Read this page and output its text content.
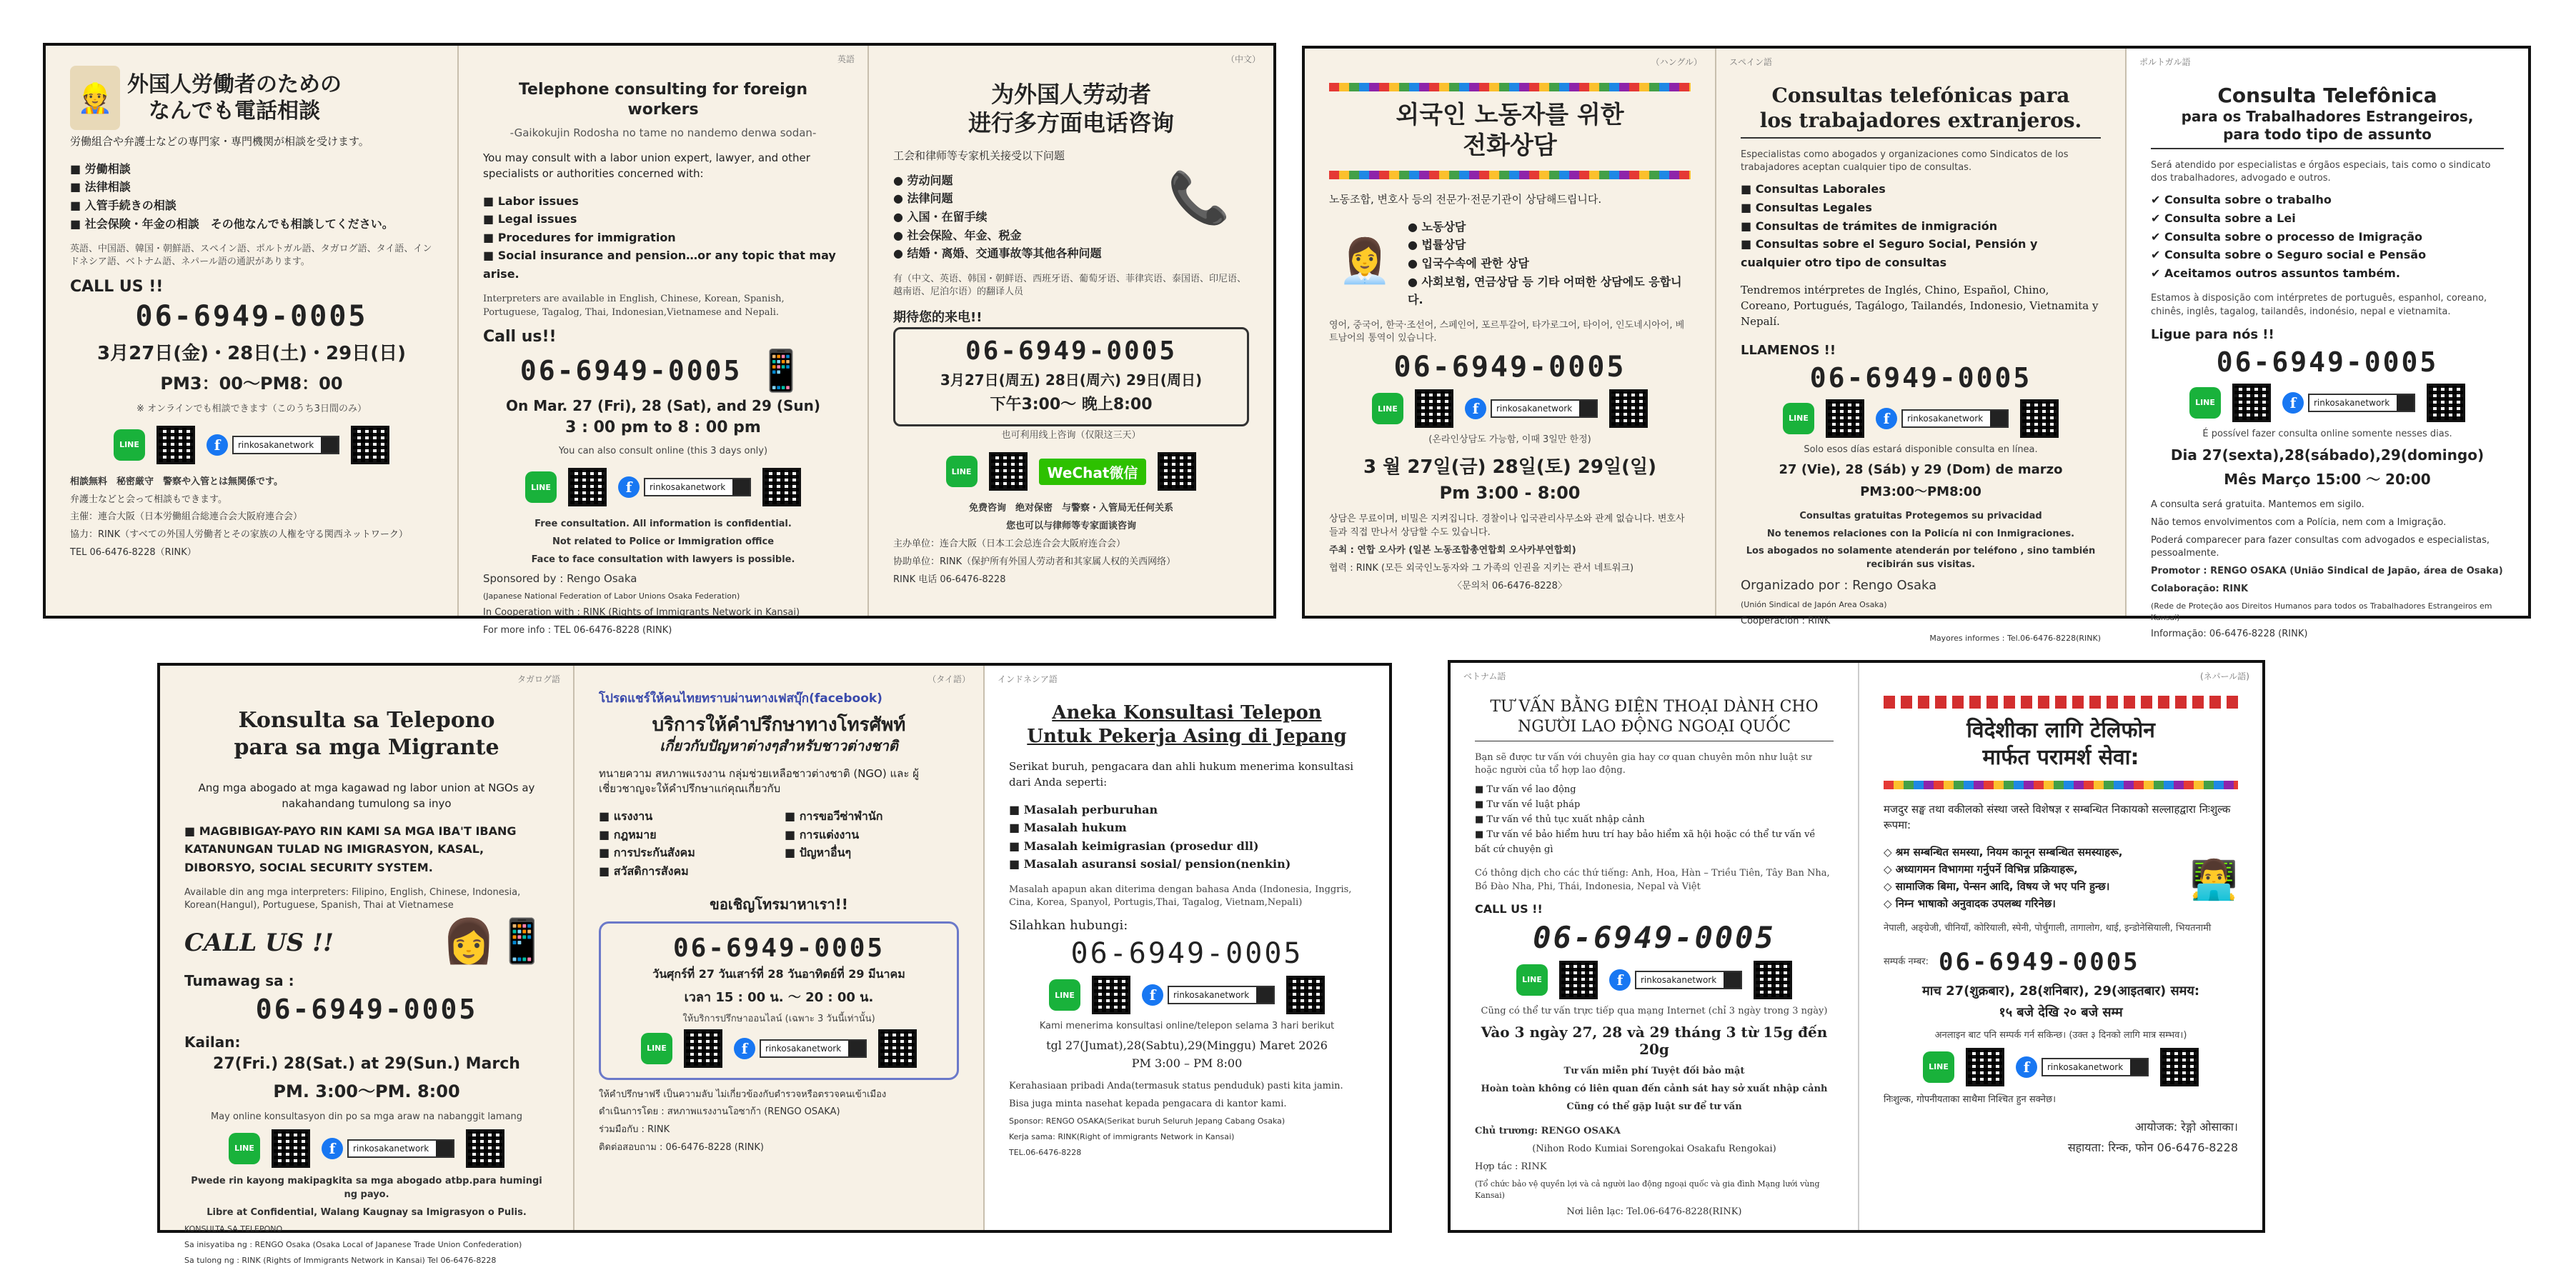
👷 外国人労働者のための
なんでも電話相談
労働組合や弁護士などの専門家・専門機関が相談を受けます。
■ 労働相談
■ 法律相談
■ 入管手続きの相談
■ 社会保険・年金の相談　その他なんでも相談してください。
英語、中国語、韓国・朝鮮語、スペイン語、ポルトガル語、タガログ語、タイ語、インドネシア語、ベトナム語、ネパール語の通訳があります。
CALL US !!
06-6949-0005
3月27日(金)・28日(土)・29日(日)
PM3：00〜PM8：00
※ オンラインでも相談できます（このうち3日間のみ）
LINE	f	rinkosakanetwork
相談無料　秘密厳守　警察や入管とは無関係です。
弁護士などと会って相談もできます。
主催：連合大阪（日本労働組合総連合会大阪府連合会）
協力：RINK（すべての外国人労働者とその家族の人権を守る関西ネットワーク）
TEL 06-6476-8228（RINK）
英語
Telephone consulting for foreign workers
-Gaikokujin Rodosha no tame no nandemo denwa sodan-
You may consult with a labor union expert, lawyer, and other specialists or authorities concerned with:
■ Labor issues
■ Legal issues
■ Procedures for immigration
■ Social insurance and pension…or any topic that may arise.
Interpreters are available in English, Chinese, Korean, Spanish, Portuguese, Tagalog, Thai, Indonesian,Vietnamese and Nepali.
Call us!!
06-6949-0005 📱
On Mar. 27 (Fri), 28 (Sat), and 29 (Sun)
3 : 00 pm to 8 : 00 pm
You can also consult online (this 3 days only)
LINE	f	rinkosakanetwork
Free consultation. All information is confidential.
Not related to Police or Immigration office
Face to face consultation with lawyers is possible.
Sponsored by : Rengo Osaka
(Japanese National Federation of Labor Unions Osaka Federation)
In Cooperation with : RINK (Rights of Immigrants Network in Kansai)
For more info : TEL 06-6476-8228 (RINK)
（中文）
为外国人劳动者
进行多方面电话咨询
工会和律师等专家机关接受以下问题
● 劳动问题
● 法律问题
● 入国・在留手续
● 社会保险、年金、税金
● 结婚・离婚、交通事故等其他各种问题
📞
有（中文、英语、韩国・朝鲜语、西班牙语、葡萄牙语、菲律宾语、泰国语、印尼语、越南语、尼泊尔语）的翻译人员
期待您的来电!!
06-6949-0005
3月27日(周五) 28日(周六) 29日(周日)
下午3:00〜 晚上8:00
也可利用线上咨询（仅限这三天）
LINE	WeChat微信
免费咨询　绝对保密　与警察・入管局无任何关系
您也可以与律师等专家面谈咨询
主办单位：连合大阪（日本工会总连合会大阪府连合会）
协助单位：RINK（保护所有外国人劳动者和其家属人权的关西网络）
RINK 电话 06-6476-8228
（ハングル）
외국인 노동자를 위한
전화상담
노동조합, 변호사 등의 전문가·전문기관이 상담해드립니다.
👩‍💼
● 노동상담
● 법률상담
● 입국수속에 관한 상담
● 사회보험, 연금상담 등 기타 어떠한 상담에도 응합니다.
영어, 중국어, 한국·조선어, 스페인어, 포르투갈어, 타가로그어, 타이어, 인도네시아어, 베트남어의 통역이 있습니다.
06-6949-0005
LINE	f	rinkosakanetwork
(온라인상담도 가능함, 이때 3일만 한정)
3 월 27일(금) 28일(토) 29일(일)
Pm 3:00 - 8:00
상담은 무료이며, 비밀은 지켜집니다. 경찰이나 입국관리사무소와 관계 없습니다. 변호사들과 직접 만나서 상담할 수도 있습니다.
주최 : 연합 오사카 (일본 노동조합총연합회 오사카부연합회)
협력 : RINK (모든 외국인노동자와 그 가족의 인권을 지키는 관서 네트워크)
〈문의처 06-6476-8228〉
スペイン語
Consultas telefónicas para
los trabajadores extranjeros.
Especialistas como abogados y organizaciones como Sindicatos de los trabajadores aceptan cualquier tipo de consultas.
■ Consultas Laborales
■ Consultas Legales
■ Consultas de trámites de inmigración
■ Consultas sobre el Seguro Social, Pensión y cualquier otro tipo de consultas
Tendremos intérpretes de Inglés, Chino, Español, Chino, Coreano, Portugués, Tagálogo, Tailandés, Indonesio, Vietnamita y Nepalí.
LLAMENOS !!
06-6949-0005
LINE	f	rinkosakanetwork
Solo esos días estará disponible consulta en línea.
27 (Vie), 28 (Sáb) y 29 (Dom) de marzo
PM3:00〜PM8:00
Consultas gratuitas Protegemos su privacidad
No tenemos relaciones con la Policía ni con Inmigraciones.
Los abogados no solamente atenderán por teléfono , sino también recibirán sus visitas.
Organizado por : Rengo Osaka
(Unión Sindical de Japón Area Osaka)
Cooperación : RINK
Mayores informes : Tel.06-6476-8228(RINK)
ポルトガル語
Consulta Telefônica
para os Trabalhadores Estrangeiros,
para todo tipo de assunto
Será atendido por especialistas e órgãos especiais, tais como o sindicato dos trabalhadores, advogado e outros.
✔ Consulta sobre o trabalho
✔ Consulta sobre a Lei
✔ Consulta sobre o processo de Imigração
✔ Consulta sobre o Seguro social e Pensão
✔ Aceitamos outros assuntos também.
Estamos à disposição com intérpretes de português, espanhol, coreano, chinês, inglês, tagalog, tailandês, indonésio, nepal e vietnamita.
Ligue para nós !!
06-6949-0005
LINE	f	rinkosakanetwork
É possível fazer consulta online somente nesses dias.
Dia 27(sexta),28(sábado),29(domingo)
Mês Março 15:00 〜 20:00
A consulta será gratuita. Mantemos em sigilo.
Não temos envolvimentos com a Polícia, nem com a Imigração.
Poderá comparecer para fazer consultas com advogados e especialistas, pessoalmente.
Promotor : RENGO OSAKA (União Sindical de Japão, área de Osaka)
Colaboração: RINK
(Rede de Proteção aos Direitos Humanos para todos os Trabalhadores Estrangeiros em Kansai)
Informação: 06-6476-8228 (RINK)
タガログ語
Konsulta sa Telepono
para sa mga Migrante
Ang mga abogado at mga kagawad ng labor union at NGOs ay nakahandang tumulong sa inyo
■ MAGBIBIGAY-PAYO RIN KAMI SA MGA IBA'T IBANG KATANUNGAN TULAD NG IMIGRASYON, KASAL, DIBORSYO, SOCIAL SECURITY SYSTEM.
Available din ang mga interpreters: Filipino, English, Chinese, Indonesia, Korean(Hangul), Portuguese, Spanish, Thai at Vietnamese
CALL US !!	👩📱
Tumawag sa :
06-6949-0005
Kailan:
27(Fri.) 28(Sat.) at 29(Sun.) March
PM. 3:00〜PM. 8:00
May online konsultasyon din po sa mga araw na nabanggit lamang
LINE	f	rinkosakanetwork
Pwede rin kayong makipagkita sa mga abogado atbp.para humingi ng payo.
Libre at Confidential, Walang Kaugnay sa Imigrasyon o Pulis.
KONSULTA SA TELEPONO
Sa inisyatiba ng : RENGO Osaka (Osaka Local of Japanese Trade Union Confederation)
Sa tulong ng : RINK (Rights of Immigrants Network in Kansai) Tel 06-6476-8228
（タイ語）
โปรดแชร์ให้คนไทยทราบผ่านทางเฟสบุ๊ก(facebook)
บริการให้คำปรึกษาทางโทรศัพท์
เกี่ยวกับปัญหาต่างๆสำหรับชาวต่างชาติ
ทนายความ สหภาพแรงงาน กลุ่มช่วยเหลือชาวต่างชาติ (NGO) และ ผู้เชี่ยวชาญจะให้คำปรึกษาแก่คุณเกี่ยวกับ
■ แรงงาน
■ กฎหมาย
■ การประกันสังคม
■ สวัสดิการสังคม
■ การขอวีซ่าพำนัก
■ การแต่งงาน
■ ปัญหาอื่นๆ
ขอเชิญโทรมาหาเรา!!
06-6949-0005
วันศุกร์ที่ 27 วันเสาร์ที่ 28 วันอาทิตย์ที่ 29 มีนาคม
เวลา 15 : 00 น. 〜 20 : 00 น.
ให้บริการปรึกษาออนไลน์ (เฉพาะ 3 วันนี้เท่านั้น)
LINE	f	rinkosakanetwork
ให้คำปรึกษาฟรี เป็นความลับ ไม่เกี่ยวข้องกับตำรวจหรือตรวจคนเข้าเมือง
ดำเนินการโดย : สหภาพแรงงานโอซาก้า (RENGO OSAKA)
ร่วมมือกับ : RINK
ติดต่อสอบถาม : 06-6476-8228 (RINK)
インドネシア語
Aneka Konsultasi Telepon
Untuk Pekerja Asing di Jepang
Serikat buruh, pengacara dan ahli hukum menerima konsultasi dari Anda seperti:
■ Masalah perburuhan
■ Masalah hukum
■ Masalah keimigrasian (prosedur dll)
■ Masalah asuransi sosial/ pension(nenkin)
Masalah apapun akan diterima dengan bahasa Anda (Indonesia, Inggris, Cina, Korea, Spanyol, Portugis,Thai, Tagalog, Vietnam,Nepali)
Silahkan hubungi:
06-6949-0005
LINE	f	rinkosakanetwork
Kami menerima konsultasi online/telepon selama 3 hari berikut
tgl 27(Jumat),28(Sabtu),29(Minggu) Maret 2026
PM 3:00 – PM 8:00
Kerahasiaan pribadi Anda(termasuk status penduduk) pasti kita jamin.
Bisa juga minta nasehat kepada pengacara di kantor kami.
Sponsor: RENGO OSAKA(Serikat buruh Seluruh Jepang Cabang Osaka)
Kerja sama: RINK(Right of immigrants Network in Kansai)
TEL.06-6476-8228
ベトナム語
TƯ VẤN BẰNG ĐIỆN THOẠI DÀNH CHO
NGƯỜI LAO ĐỘNG NGOẠI QUỐC
Bạn sẽ được tư vấn với chuyên gia hay cơ quan chuyên môn như luật sư hoặc người của tổ hợp lao động.
■ Tư vấn về lao động
■ Tư vấn về luật pháp
■ Tư vấn về thủ tục xuất nhập cảnh
■ Tư vấn về bảo hiểm hưu trí hay bảo hiểm xã hội hoặc có thể tư vấn về bất cứ chuyện gì
Có thông dịch cho các thứ tiếng: Anh, Hoa, Hàn – Triều Tiên, Tây Ban Nha, Bồ Đào Nha, Phi, Thái, Indonesia, Nepal và Việt
CALL US !!
06-6949-0005
LINE	f	rinkosakanetwork
Cũng có thể tư vấn trực tiếp qua mạng Internet (chỉ 3 ngày trong 3 ngày)
Vào 3 ngày 27, 28 và 29 tháng 3 từ 15g đến 20g
Tư vấn miễn phí Tuyệt đối bảo mật
Hoàn toàn không có liên quan đến cảnh sát hay sở xuất nhập cảnh
Cũng có thể gặp luật sư để tư vấn
Chủ trương: RENGO OSAKA
(Nihon Rodo Kumiai Sorengokai Osakafu Rengokai)
Hợp tác : RINK
(Tổ chức bảo vệ quyền lợi và cả người lao động ngoại quốc và gia đình Mạng lưới vùng Kansai)
Nơi liên lạc: Tel.06-6476-8228(RINK)
(ネパール語)
विदेशीका लागि टेलिफोन
मार्फत परामर्श सेवा:
मजदुर सङ्घ तथा वकीलको संस्था जस्ते विशेषज्ञ र सम्बन्धित निकायको सल्लाहद्वारा निःशुल्क रूपमा:
◇ श्रम सम्बन्धित समस्या, नियम कानून सम्बन्धित समस्याहरू,
◇ अध्यागमन विभागमा गर्नुपर्ने विभिन्न प्रक्रियाहरू,
◇ सामाजिक बिमा, पेन्सन आदि, विषय जे भए पनि हुन्छ।
◇ निम्न भाषाको अनुवादक उपलब्ध गरिनेछ।
👨‍💻
नेपाली, अङ्ग्रेजी, चीनियाँ, कोरियाली, स्पेनी, पोर्चुगाली, तागालोग, थाई, इन्डोनेसियाली, भियतनामी
सम्पर्क नम्बर: 06-6949-0005
माच 27(शुक्रबार), 28(शनिबार), 29(आइतबार) समय:
१५ बजे देखि २० बजे सम्म
अनलाइन बाट पनि सम्पर्क गर्न सकिन्छ। (उक्त ३ दिनको लागि मात्र सम्भव।)
LINE	f	rinkosakanetwork
निःशुल्क, गोपनीयताका साथैमा निश्चित हुन सक्नेछ।
आयोजक: रेङ्गो ओसाका।
सहायता: रिन्क, फोन 06-6476-8228
